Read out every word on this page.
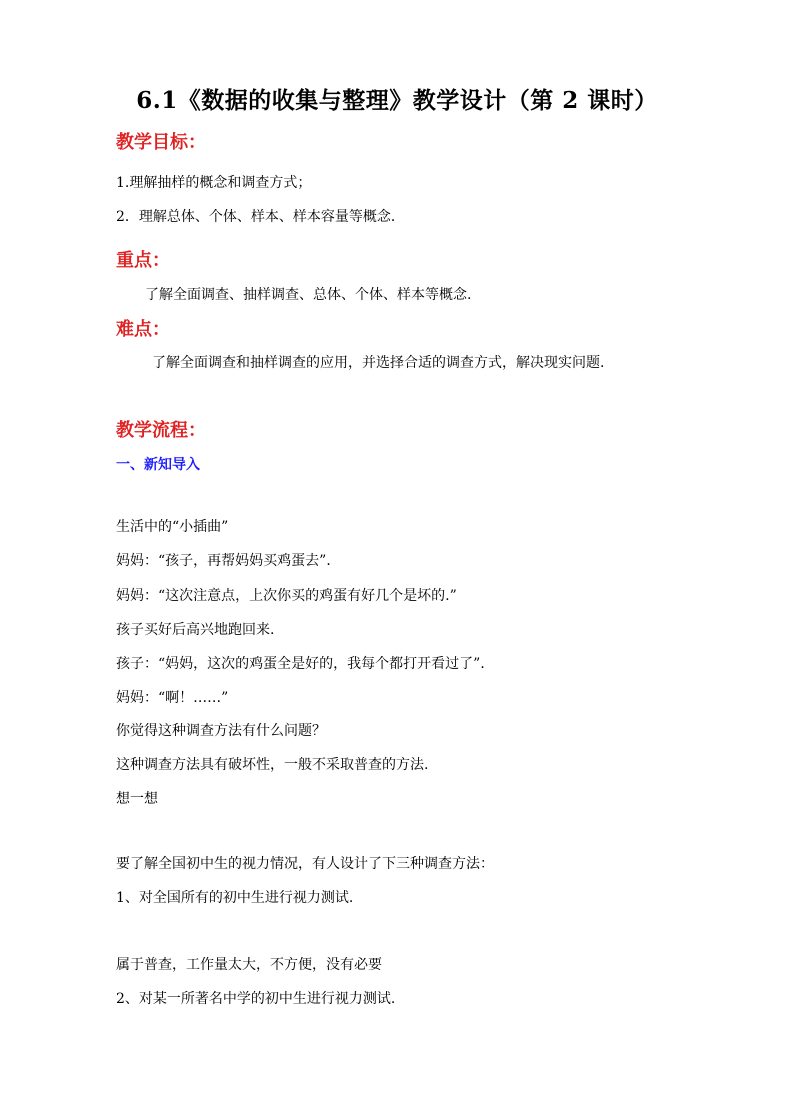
6.1《数据的收集与整理》教学设计（第 2 课时）
教学目标：
1.理解抽样的概念和调查方式；
2．理解总体、个体、样本、样本容量等概念．
重点：
了解全面调查、抽样调查、总体、个体、样本等概念.
难点：
了解全面调查和抽样调查的应用，并选择合适的调查方式，解决现实问题.
教学流程：
一、新知导入
生活中的“小插曲”
妈妈：“孩子，再帮妈妈买鸡蛋去”．
妈妈：“这次注意点，上次你买的鸡蛋有好几个是坏的.”
孩子买好后高兴地跑回来.
孩子：“妈妈，这次的鸡蛋全是好的，我每个都打开看过了”．
妈妈：“啊！……”
你觉得这种调查方法有什么问题？
这种调查方法具有破坏性，一般不采取普查的方法.
想一想
要了解全国初中生的视力情况，有人设计了下三种调查方法：
1、对全国所有的初中生进行视力测试.
属于普查，工作量太大，不方便，没有必要
2、对某一所著名中学的初中生进行视力测试.
